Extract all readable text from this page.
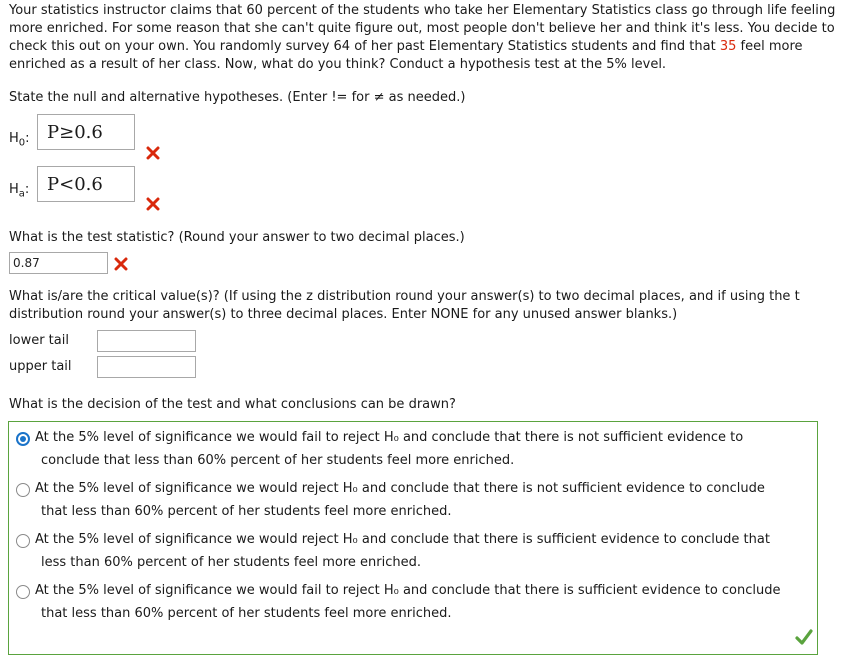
Your statistics instructor claims that 60 percent of the students who take her Elementary Statistics class go through life feeling more enriched. For some reason that she can't quite figure out, most people don't believe her and think it's less. You decide to check this out on your own. You randomly survey 64 of her past Elementary Statistics students and find that 35 feel more enriched as a result of her class. Now, what do you think? Conduct a hypothesis test at the 5% level.
State the null and alternative hypotheses. (Enter != for ≠ as needed.)
$H_0$: P≥0.6
$H_a$: P<0.6
What is the test statistic? (Round your answer to two decimal places.)
0.87
What is/are the critical value(s)? (If using the z distribution round your answer(s) to two decimal places, and if using the t distribution round your answer(s) to three decimal places. Enter NONE for any unused answer blanks.)
lower tail
upper tail
What is the decision of the test and what conclusions can be drawn?
At the 5% level of significance we would fail to reject H₀ and conclude that there is not sufficient evidence to
conclude that less than 60% percent of her students feel more enriched.
At the 5% level of significance we would reject H₀ and conclude that there is not sufficient evidence to conclude
that less than 60% percent of her students feel more enriched.
At the 5% level of significance we would reject H₀ and conclude that there is sufficient evidence to conclude that
less than 60% percent of her students feel more enriched.
At the 5% level of significance we would fail to reject H₀ and conclude that there is sufficient evidence to conclude
that less than 60% percent of her students feel more enriched.
